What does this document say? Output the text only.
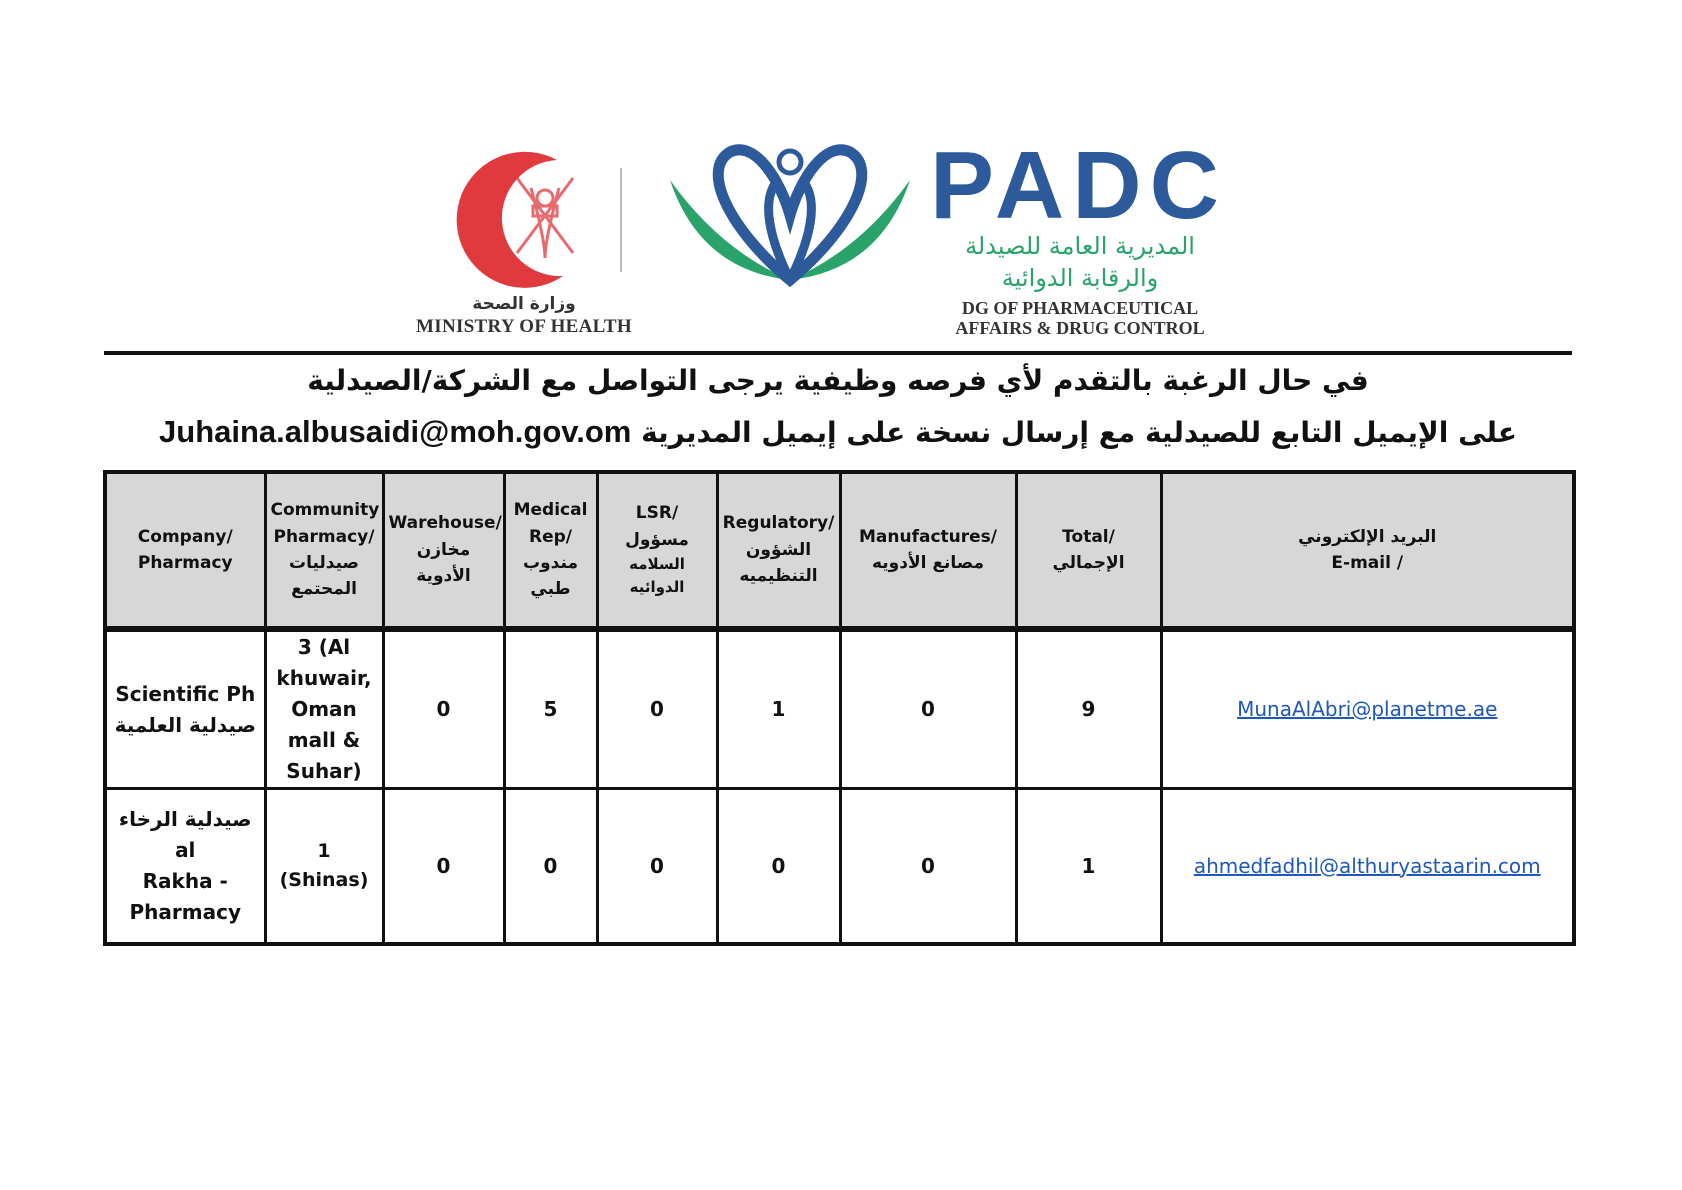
وزارة الصحة
MINISTRY OF HEALTH
PADC
المديرية العامة للصيدلة
والرقابة الدوائية
DG OF PHARMACEUTICAL
AFFAIRS & DRUG CONTROL
في حال الرغبة بالتقدم لأي فرصه وظيفية يرجى التواصل مع الشركة/الصيدلية
على الإيميل التابع للصيدلية مع إرسال نسخة على إيميل المديرية Juhaina.albusaidi@moh.gov.om
Company/
Pharmacy	Community
Pharmacy/
صيدليات
المحتمع	Warehouse/
مخازن الأدوية	Medical
Rep/
مندوب
طبي	LSR/
مسؤول
السلامه الدوائيه	Regulatory/
الشؤون
التنظيميه	Manufactures/
مصانع الأدويه	Total/
الإجمالي	البريد الإلكتروني
E-mail /

Scientific Ph
صيدلية العلمية	3 (Al
khuwair,
Oman
mall &
Suhar)	0	5	0	1	0	9	MunaAlAbri@planetme.ae

صيدلية الرخاء al
Rakha -
Pharmacy	1 (Shinas)	0	0	0	0	0	1	ahmedfadhil@althuryastaarin.com
